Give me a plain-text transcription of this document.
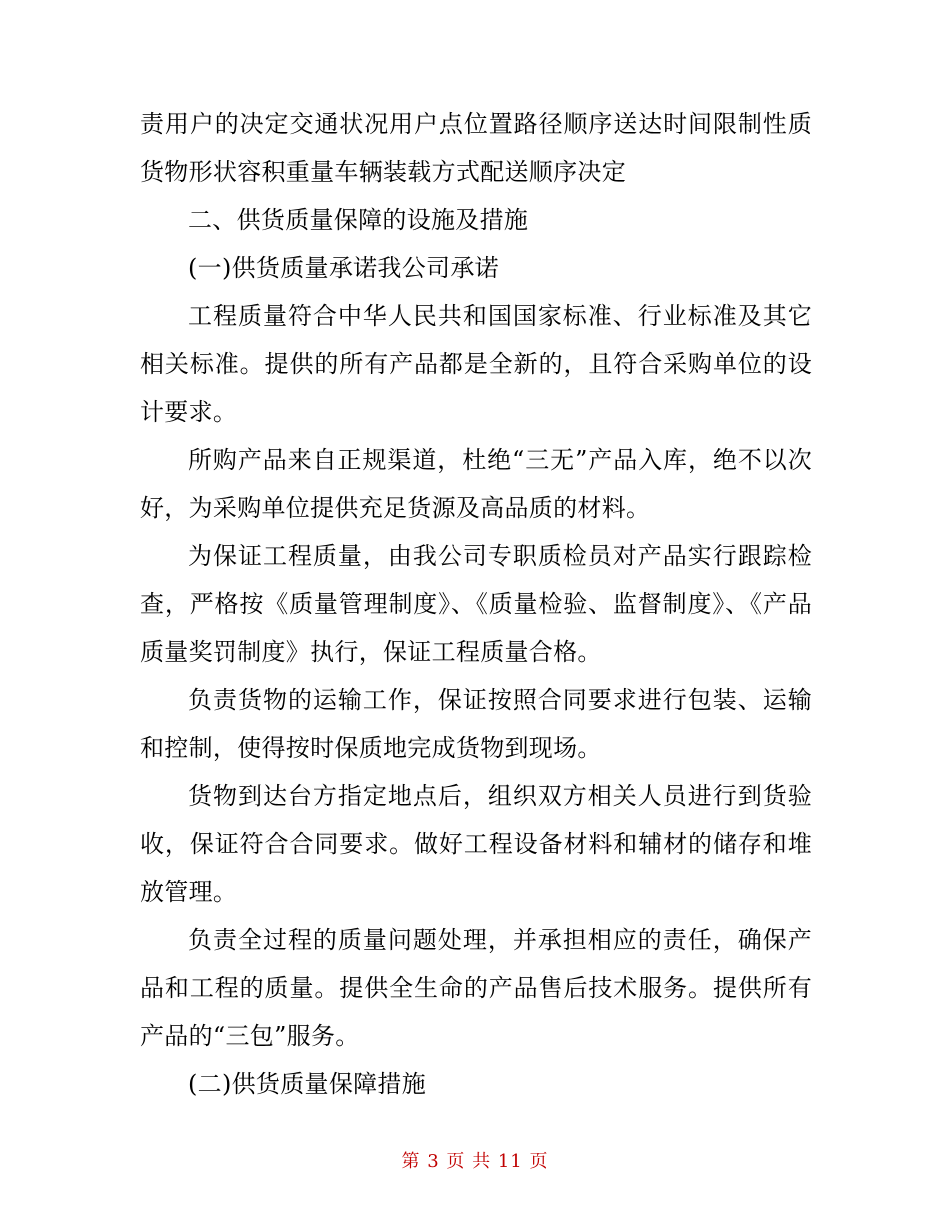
责用户的决定交通状况用户点位置路径顺序送达时间限制性质货物形状容积重量车辆装载方式配送顺序决定

二、供货质量保障的设施及措施

(一)供货质量承诺我公司承诺

工程质量符合中华人民共和国国家标准、行业标准及其它相关标准。提供的所有产品都是全新的，且符合采购单位的设计要求。

所购产品来自正规渠道，杜绝“三无”产品入库，绝不以次好，为采购单位提供充足货源及高品质的材料。

为保证工程质量，由我公司专职质检员对产品实行跟踪检查，严格按《质量管理制度》、《质量检验、监督制度》、《产品质量奖罚制度》执行，保证工程质量合格。

负责货物的运输工作，保证按照合同要求进行包装、运输和控制，使得按时保质地完成货物到现场。

货物到达台方指定地点后，组织双方相关人员进行到货验收，保证符合合同要求。做好工程设备材料和辅材的储存和堆放管理。

负责全过程的质量问题处理，并承担相应的责任，确保产品和工程的质量。提供全生命的产品售后技术服务。提供所有产品的“三包”服务。

(二)供货质量保障措施

第 3 页 共 11 页
